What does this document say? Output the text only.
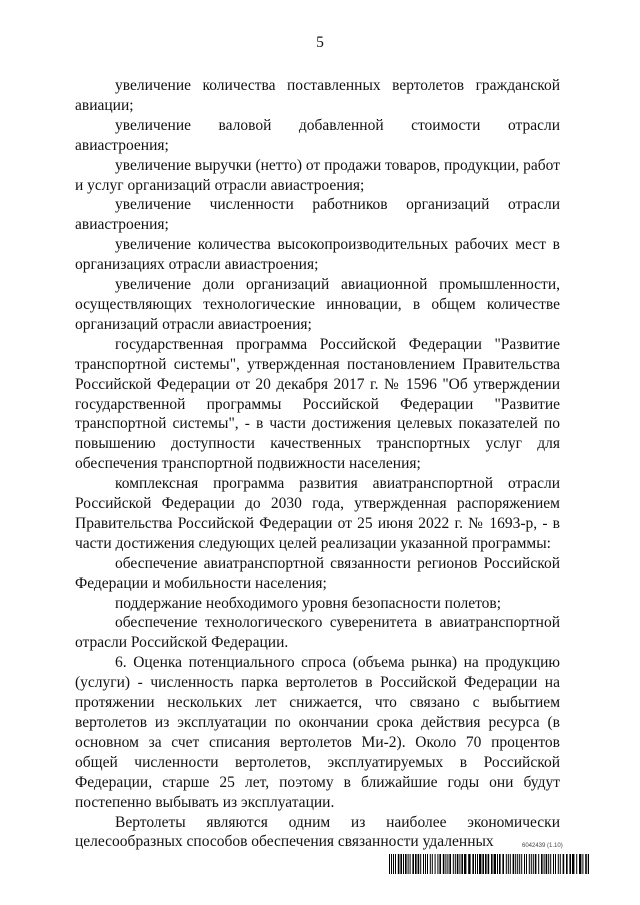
5

увеличение количества поставленных вертолетов гражданской авиации;

увеличение валовой добавленной стоимости отрасли авиастроения;

увеличение выручки (нетто) от продажи товаров, продукции, работ и услуг организаций отрасли авиастроения;

увеличение численности работников организаций отрасли авиастроения;

увеличение количества высокопроизводительных рабочих мест в организациях отрасли авиастроения;

увеличение доли организаций авиационной промышленности, осуществляющих технологические инновации, в общем количестве организаций отрасли авиастроения;

государственная программа Российской Федерации "Развитие транспортной системы", утвержденная постановлением Правительства Российской Федерации от 20 декабря 2017 г. № 1596 "Об утверждении государственной программы Российской Федерации "Развитие транспортной системы", - в части достижения целевых показателей по повышению доступности качественных транспортных услуг для обеспечения транспортной подвижности населения;

комплексная программа развития авиатранспортной отрасли Российской Федерации до 2030 года, утвержденная распоряжением Правительства Российской Федерации от 25 июня 2022 г. № 1693-р, - в части достижения следующих целей реализации указанной программы:

обеспечение авиатранспортной связанности регионов Российской Федерации и мобильности населения;

поддержание необходимого уровня безопасности полетов;

обеспечение технологического суверенитета в авиатранспортной отрасли Российской Федерации.

6. Оценка потенциального спроса (объема рынка) на продукцию (услуги) - численность парка вертолетов в Российской Федерации на протяжении нескольких лет снижается, что связано с выбытием вертолетов из эксплуатации по окончании срока действия ресурса (в основном за счет списания вертолетов Ми-2). Около 70 процентов общей численности вертолетов, эксплуатируемых в Российской Федерации, старше 25 лет, поэтому в ближайшие годы они будут постепенно выбывать из эксплуатации.

Вертолеты являются одним из наиболее экономически целесообразных способов обеспечения связанности удаленных	6042439 (1.10)
